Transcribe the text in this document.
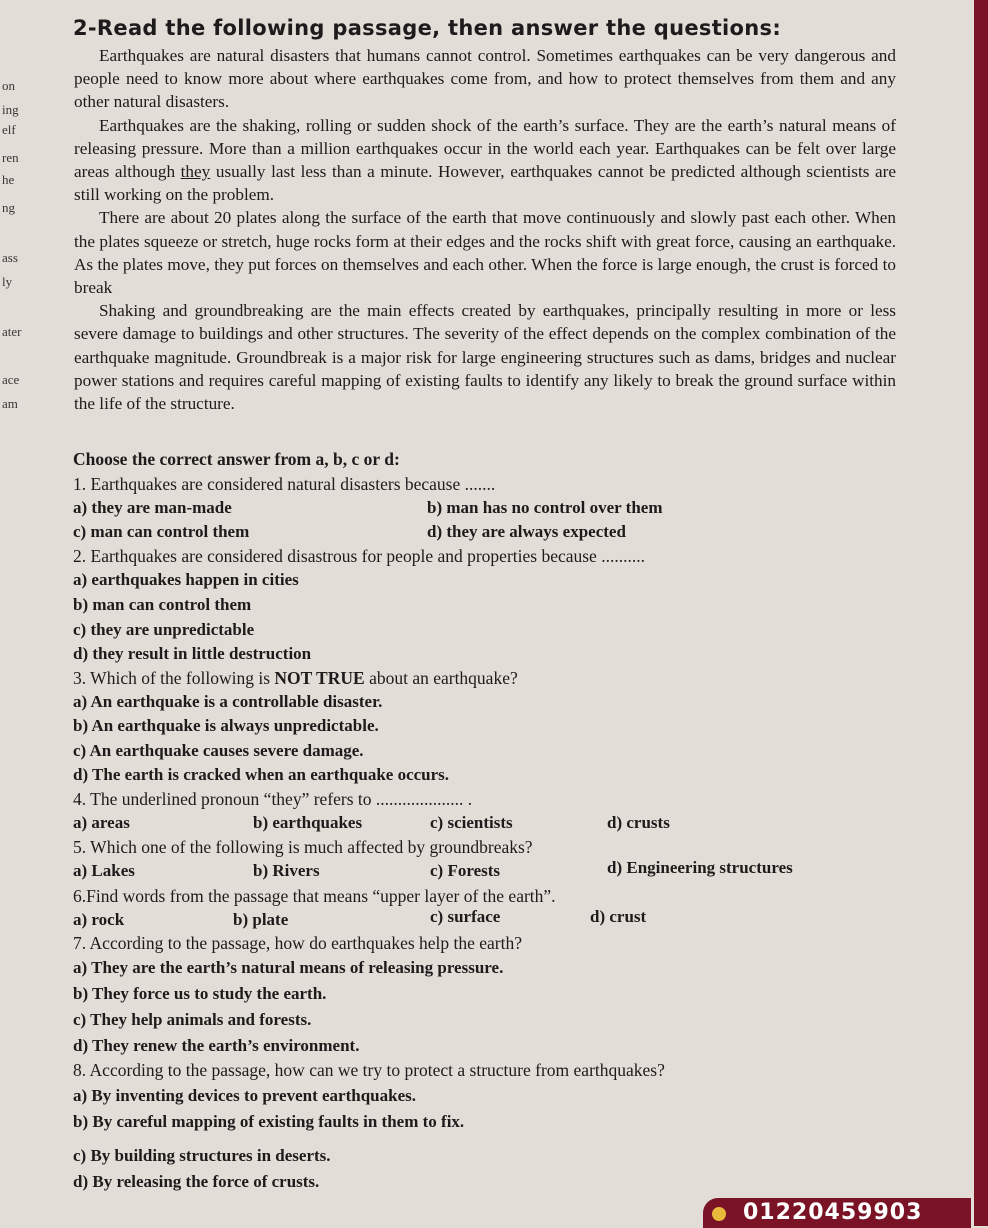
on
ing
elf
ren
he
ng
ass
ly
ater
ace
am
2-Read the following passage, then answer the questions:

Earthquakes are natural disasters that humans cannot control. Sometimes earthquakes can be very dangerous and people need to know more about where earthquakes come from, and how to protect themselves from them and any other natural disasters.

Earthquakes are the shaking, rolling or sudden shock of the earth’s surface. They are the earth’s natural means of releasing pressure. More than a million earthquakes occur in the world each year. Earthquakes can be felt over large areas although they usually last less than a minute. However, earthquakes cannot be predicted although scientists are still working on the problem.

There are about 20 plates along the surface of the earth that move continuously and slowly past each other. When the plates squeeze or stretch, huge rocks form at their edges and the rocks shift with great force, causing an earthquake. As the plates move, they put forces on themselves and each other. When the force is large enough, the crust is forced to break

Shaking and groundbreaking are the main effects created by earthquakes, principally resulting in more or less severe damage to buildings and other structures. The severity of the effect depends on the complex combination of the earthquake magnitude. Groundbreak is a major risk for large engineering structures such as dams, bridges and nuclear power stations and requires careful mapping of existing faults to identify any likely to break the ground surface within the life of the structure.

Choose the correct answer from a, b, c or d:
1. Earthquakes are considered natural disasters because .......
a) they are man-made	b) man has no control over them
c) man can control them	d) they are always expected
2. Earthquakes are considered disastrous for people and properties because ..........
a) earthquakes happen in cities
b) man can control them
c) they are unpredictable
d) they result in little destruction
3. Which of the following is NOT TRUE about an earthquake?
a) An earthquake is a controllable disaster.
b) An earthquake is always unpredictable.
c) An earthquake causes severe damage.
d) The earth is cracked when an earthquake occurs.
4. The underlined pronoun “they” refers to .................... .
a) areas	b) earthquakes	c) scientists	d) crusts
5. Which one of the following is much affected by groundbreaks?
a) Lakes	b) Rivers	c) Forests	d) Engineering structures
6.Find words from the passage that means “upper layer of the earth”.
a) rock	b) plate	c) surface	d) crust
7. According to the passage, how do earthquakes help the earth?
a) They are the earth’s natural means of releasing pressure.
b) They force us to study the earth.
c) They help animals and forests.
d) They renew the earth’s environment.
8. According to the passage, how can we try to protect a structure from earthquakes?
a) By inventing devices to prevent earthquakes.
b) By careful mapping of existing faults in them to fix.
c) By building structures in deserts.
d) By releasing the force of crusts.
01220459903
